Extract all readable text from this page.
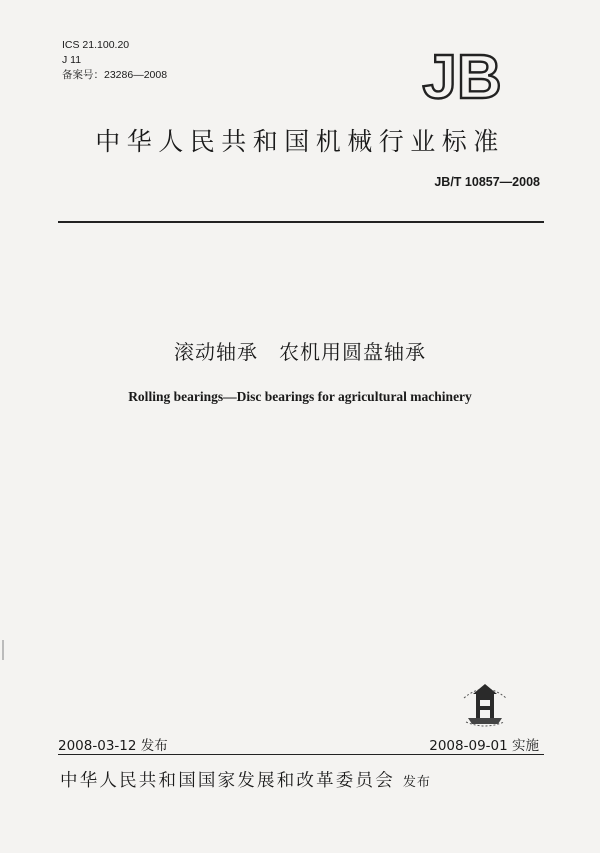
ICS 21.100.20
J 11
备案号：23286—2008	JB
中华人民共和国机械行业标准
JB/T 10857—2008
滚动轴承　农机用圆盘轴承
Rolling bearings—Disc bearings for agricultural machinery
2008-03-12 发布	2008-09-01 实施
中华人民共和国国家发展和改革委员会 发布
